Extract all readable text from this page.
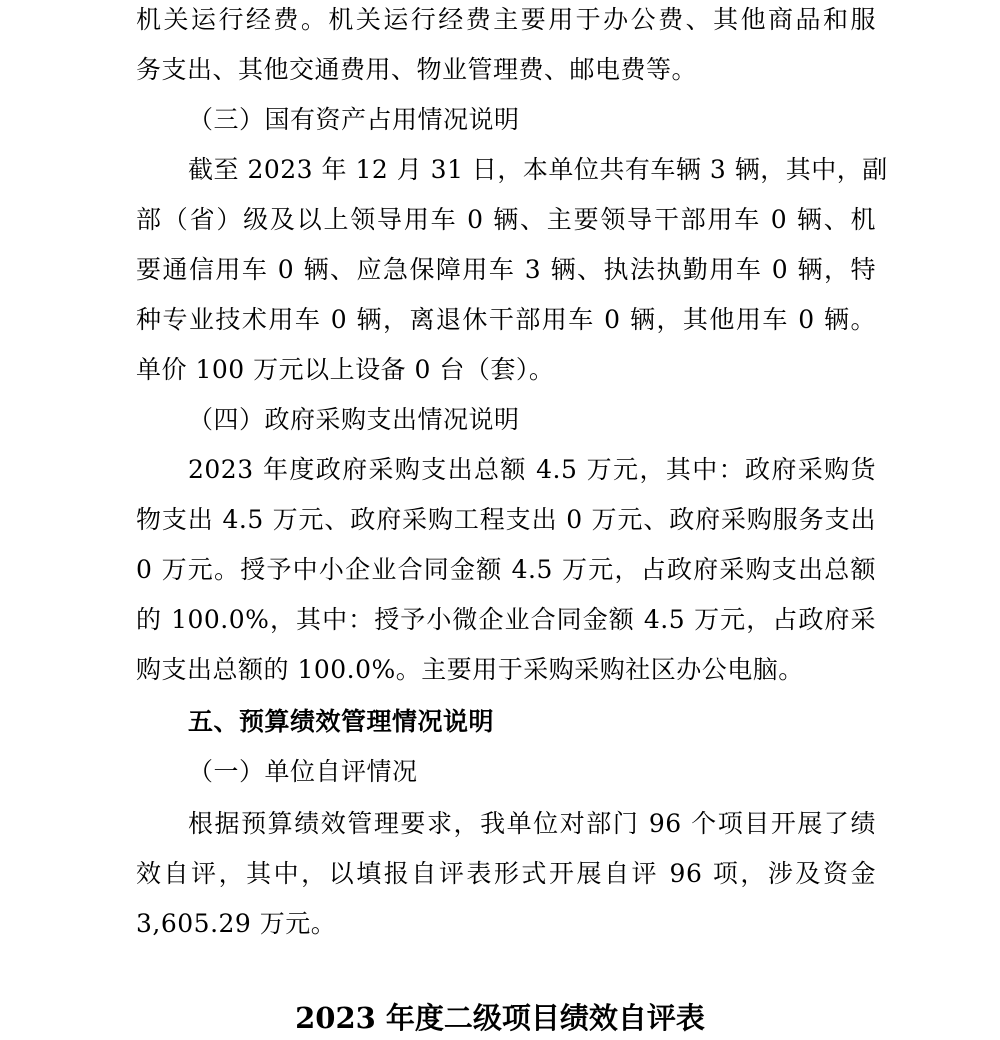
机关运行经费。机关运行经费主要用于办公费、其他商品和服
务支出、其他交通费用、物业管理费、邮电费等。
（三）国有资产占用情况说明
截至 2023 年 12 月 31 日，本单位共有车辆 3 辆，其中，副
部（省）级及以上领导用车 0 辆、主要领导干部用车 0 辆、机
要通信用车 0 辆、应急保障用车 3 辆、执法执勤用车 0 辆，特
种专业技术用车 0 辆，离退休干部用车 0 辆，其他用车 0 辆。
单价 100 万元以上设备 0 台（套）。
（四）政府采购支出情况说明
2023 年度政府采购支出总额 4.5 万元，其中：政府采购货
物支出 4.5 万元、政府采购工程支出 0 万元、政府采购服务支出
0 万元。授予中小企业合同金额 4.5 万元，占政府采购支出总额
的 100.0%，其中：授予小微企业合同金额 4.5 万元，占政府采
购支出总额的 100.0%。主要用于采购采购社区办公电脑。
五、预算绩效管理情况说明
（一）单位自评情况
根据预算绩效管理要求，我单位对部门 96 个项目开展了绩
效自评，其中，以填报自评表形式开展自评 96 项，涉及资金
3,605.29 万元。
2023 年度二级项目绩效自评表
